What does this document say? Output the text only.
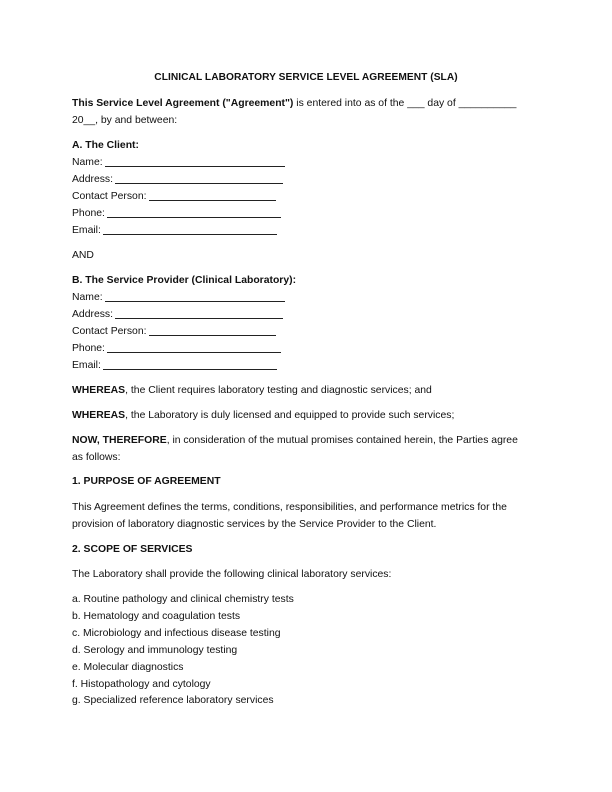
CLINICAL LABORATORY SERVICE LEVEL AGREEMENT (SLA)
This Service Level Agreement ("Agreement") is entered into as of the ___ day of __________
20__, by and between:
A. The Client:
Name:
Address:
Contact Person:
Phone:
Email:
AND
B. The Service Provider (Clinical Laboratory):
Name:
Address:
Contact Person:
Phone:
Email:
WHEREAS, the Client requires laboratory testing and diagnostic services; and
WHEREAS, the Laboratory is duly licensed and equipped to provide such services;
NOW, THEREFORE, in consideration of the mutual promises contained herein, the Parties agree
as follows:
1. PURPOSE OF AGREEMENT
This Agreement defines the terms, conditions, responsibilities, and performance metrics for the
provision of laboratory diagnostic services by the Service Provider to the Client.
2. SCOPE OF SERVICES
The Laboratory shall provide the following clinical laboratory services:
a. Routine pathology and clinical chemistry tests
b. Hematology and coagulation tests
c. Microbiology and infectious disease testing
d. Serology and immunology testing
e. Molecular diagnostics
f. Histopathology and cytology
g. Specialized reference laboratory services
